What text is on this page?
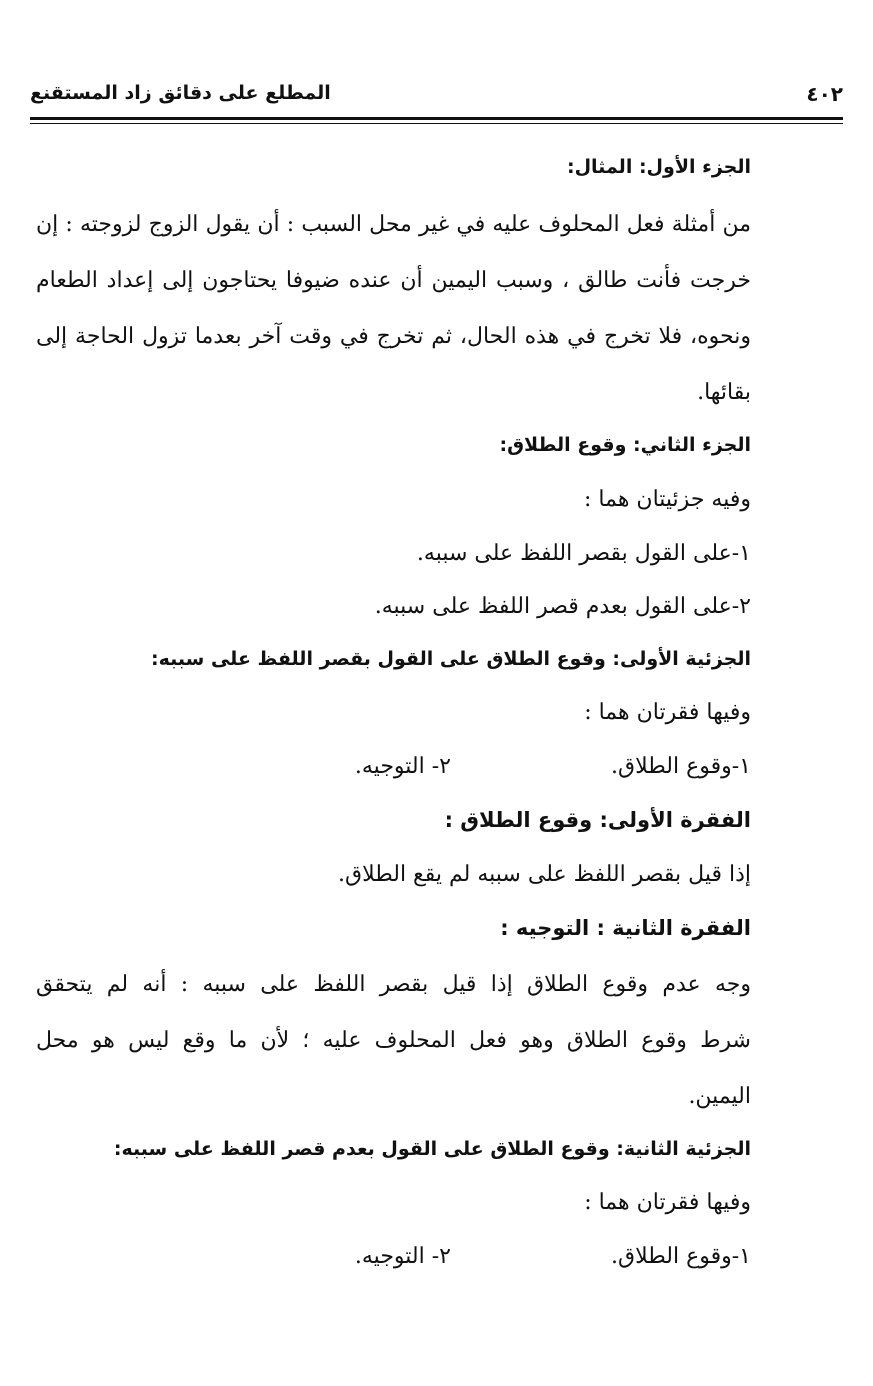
المطلع على دقائق زاد المستقنع	٤٠٢
الجزء الأول: المثال:
من أمثلة فعل المحلوف عليه في غير محل السبب : أن يقول الزوج لزوجته : إن
خرجت فأنت طالق ، وسبب اليمين أن عنده ضيوفا يحتاجون إلى إعداد الطعام
ونحوه، فلا تخرج في هذه الحال، ثم تخرج في وقت آخر بعدما تزول الحاجة إلى
بقائها.
الجزء الثاني: وقوع الطلاق:
وفيه جزئيتان هما :
١-على القول بقصر اللفظ على سببه.
٢-على القول بعدم قصر اللفظ على سببه.
الجزئية الأولى: وقوع الطلاق على القول بقصر اللفظ على سببه:
وفيها فقرتان هما :
١-وقوع الطلاق.
٢- التوجيه.
الفقرة الأولى: وقوع الطلاق :
إذا قيل بقصر اللفظ على سببه لم يقع الطلاق.
الفقرة الثانية : التوجيه :
وجه عدم وقوع الطلاق إذا قيل بقصر اللفظ على سببه : أنه لم يتحقق
شرط وقوع الطلاق وهو فعل المحلوف عليه ؛ لأن ما وقع ليس هو محل
اليمين.
الجزئية الثانية: وقوع الطلاق على القول بعدم قصر اللفظ على سببه:
وفيها فقرتان هما :
١-وقوع الطلاق.
٢- التوجيه.
